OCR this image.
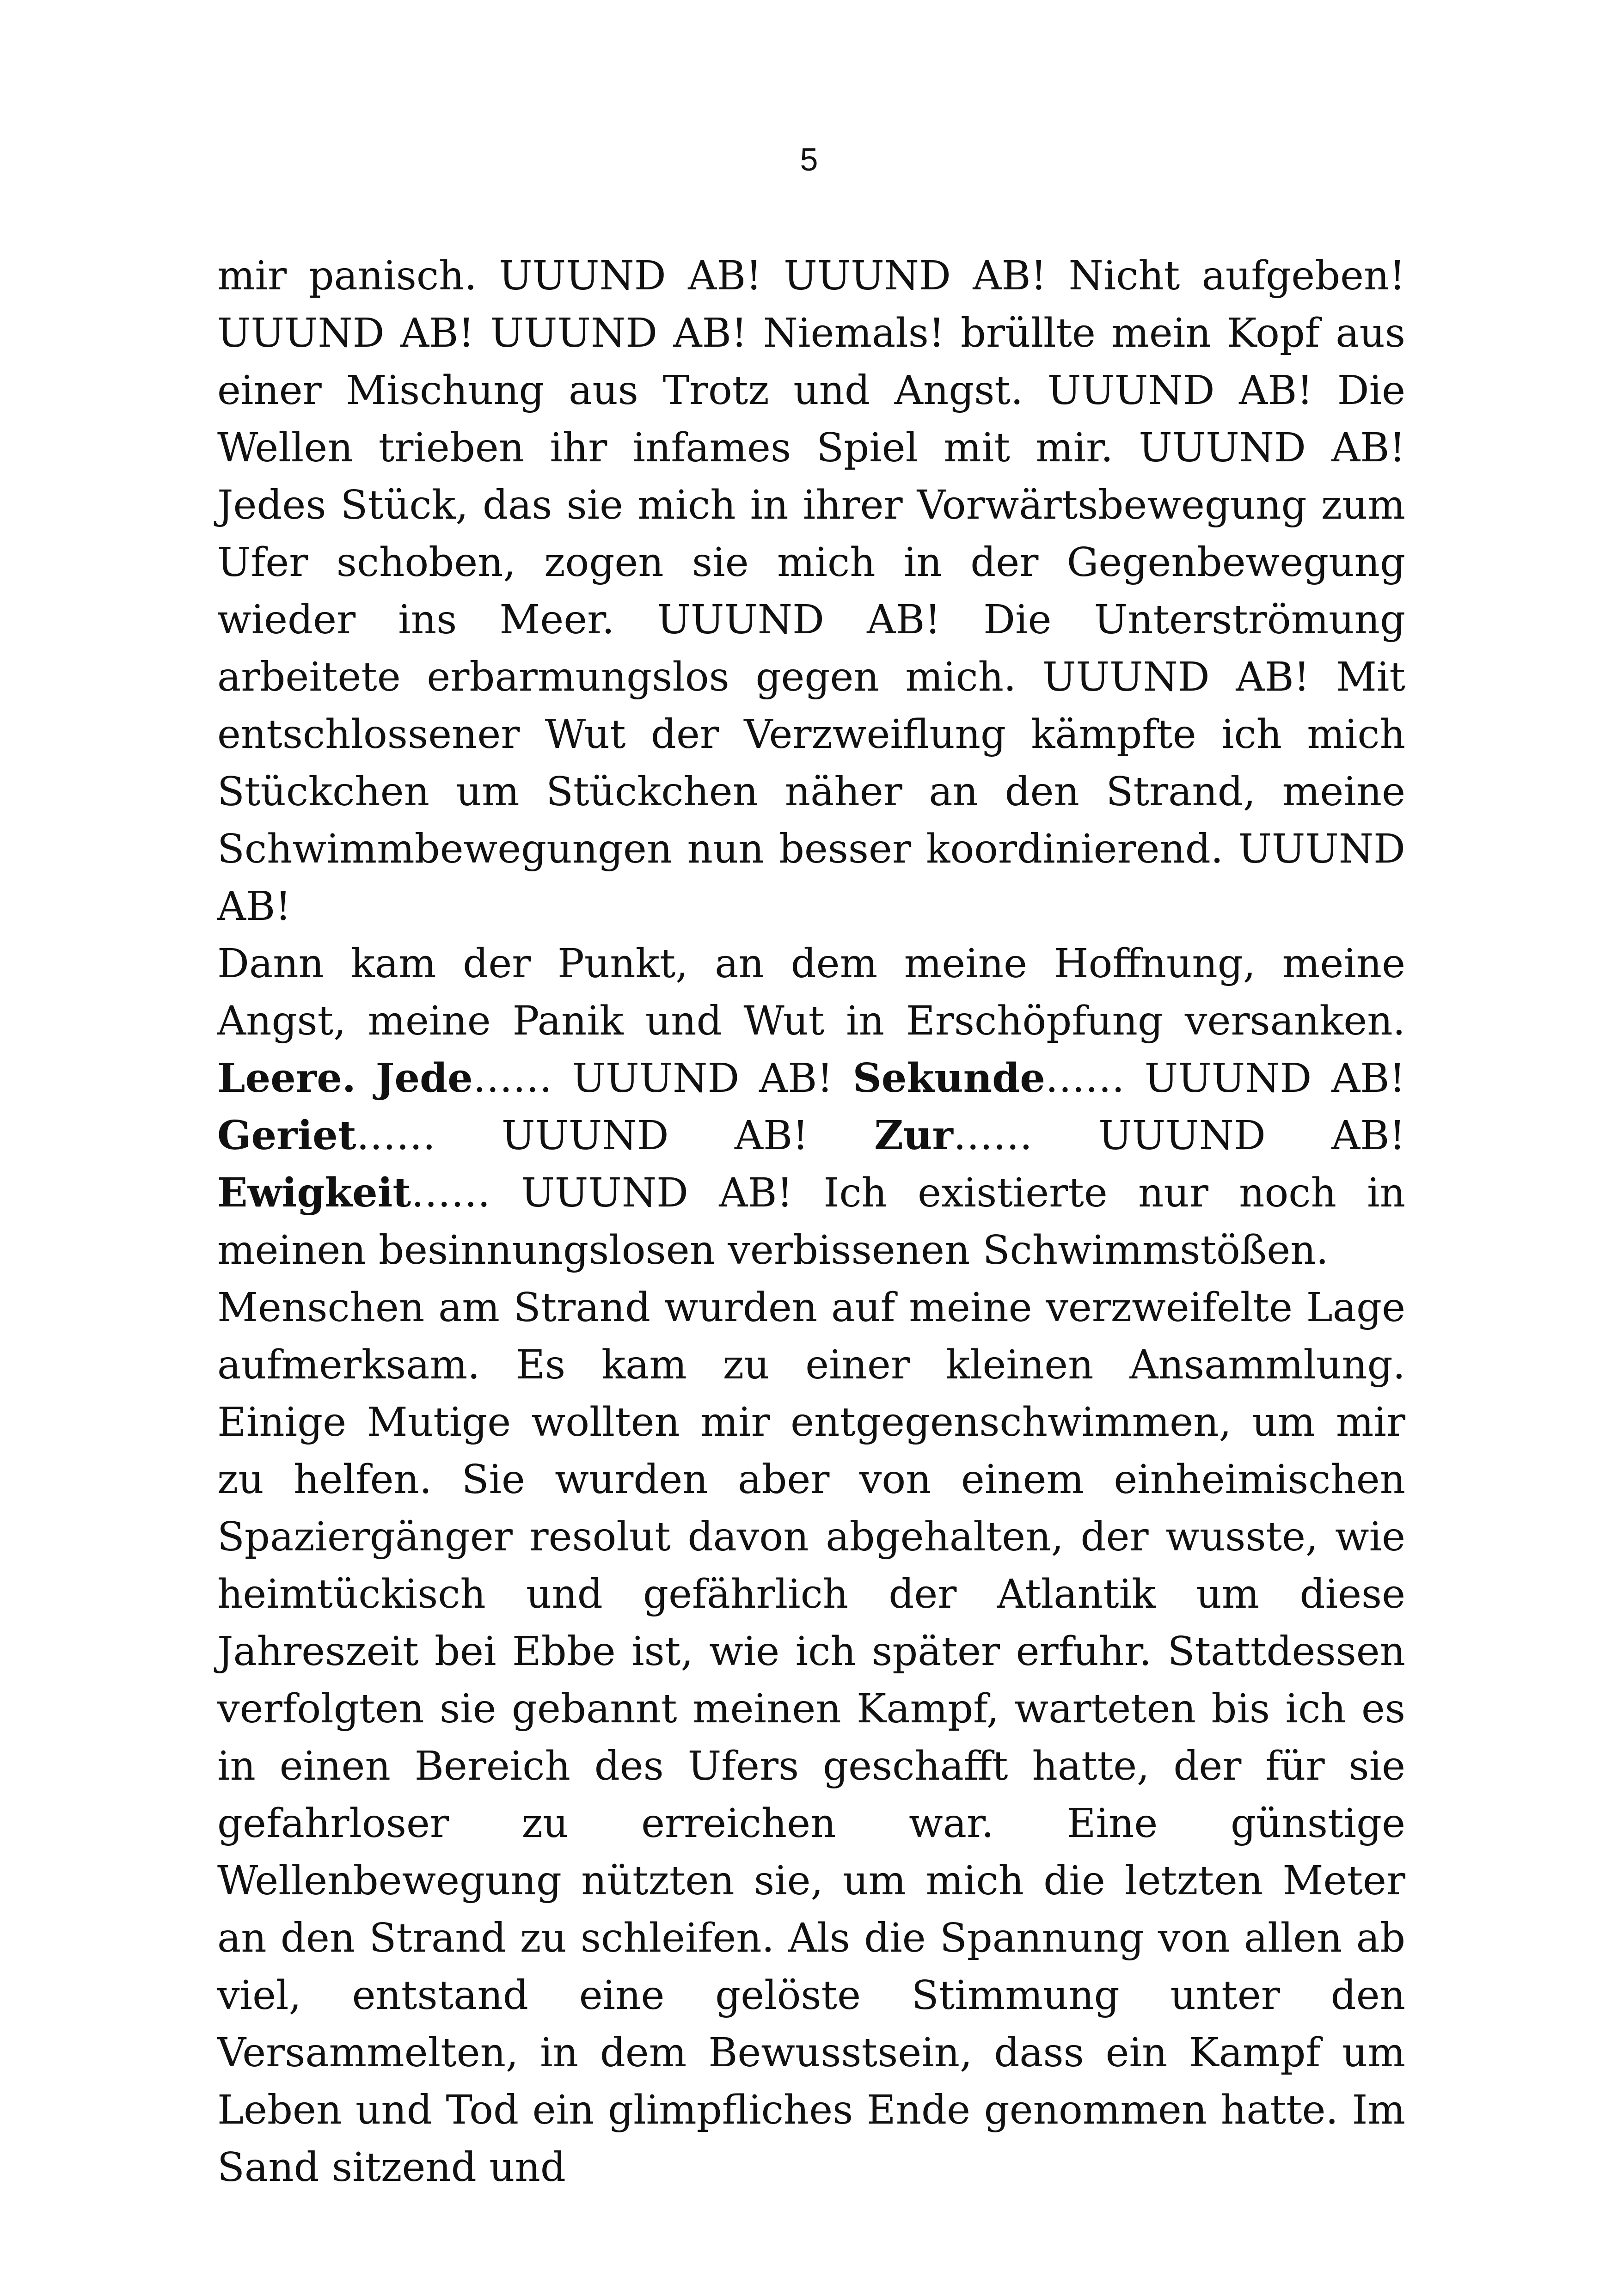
5

mir panisch. UUUND AB! UUUND AB! Nicht aufgeben! UUUND AB! UUUND AB! Niemals! brüllte mein Kopf aus einer Mischung aus Trotz und Angst. UUUND AB! Die Wellen trieben ihr infames Spiel mit mir. UUUND AB! Jedes Stück, das sie mich in ihrer Vorwärtsbewegung zum Ufer schoben, zogen sie mich in der Gegenbewegung wieder ins Meer. UUUND AB! Die Unterströmung arbeitete erbarmungslos gegen mich. UUUND AB! Mit entschlossener Wut der Verzweiflung kämpfte ich mich Stückchen um Stückchen näher an den Strand, meine Schwimmbewegungen nun besser koordinierend. UUUND AB!

Dann kam der Punkt, an dem meine Hoffnung, meine Angst, meine Panik und Wut in Erschöpfung versanken. Leere. Jede…… UUUND AB! Sekunde…… UUUND AB! Geriet…… UUUND AB! Zur…… UUUND AB! Ewigkeit…… UUUND AB! Ich existierte nur noch in meinen besinnungslosen verbissenen Schwimmstößen.

Menschen am Strand wurden auf meine verzweifelte Lage aufmerksam. Es kam zu einer kleinen Ansammlung. Einige Mutige wollten mir entgegenschwimmen, um mir zu helfen. Sie wurden aber von einem einheimischen Spaziergänger resolut davon abgehalten, der wusste, wie heimtückisch und gefährlich der Atlantik um diese Jahreszeit bei Ebbe ist, wie ich später erfuhr. Stattdessen verfolgten sie gebannt meinen Kampf, warteten bis ich es in einen Bereich des Ufers geschafft hatte, der für sie gefahrloser zu erreichen war. Eine günstige Wellenbewegung nützten sie, um mich die letzten Meter an den Strand zu schleifen. Als die Spannung von allen ab viel, entstand eine gelöste Stimmung unter den Versammelten, in dem Bewusstsein, dass ein Kampf um Leben und Tod ein glimpfliches Ende genommen hatte. Im Sand sitzend und
